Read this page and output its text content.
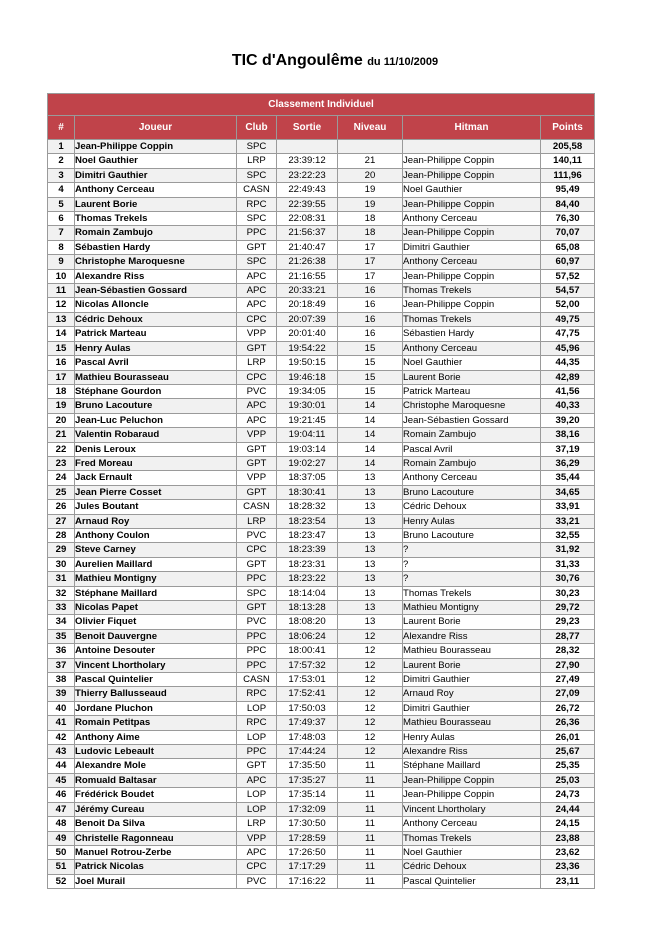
TIC d'Angoulême du 11/10/2009
Classement Individuel						
#	Joueur	Club	Sortie	Niveau	Hitman	Points
1	Jean-Philippe Coppin	SPC				205,58
2	Noel Gauthier	LRP	23:39:12	21	Jean-Philippe Coppin	140,11
3	Dimitri Gauthier	SPC	23:22:23	20	Jean-Philippe Coppin	111,96
4	Anthony Cerceau	CASN	22:49:43	19	Noel Gauthier	95,49
5	Laurent Borie	RPC	22:39:55	19	Jean-Philippe Coppin	84,40
6	Thomas Trekels	SPC	22:08:31	18	Anthony Cerceau	76,30
7	Romain Zambujo	PPC	21:56:37	18	Jean-Philippe Coppin	70,07
8	Sébastien Hardy	GPT	21:40:47	17	Dimitri Gauthier	65,08
9	Christophe Maroquesne	SPC	21:26:38	17	Anthony Cerceau	60,97
10	Alexandre Riss	APC	21:16:55	17	Jean-Philippe Coppin	57,52
11	Jean-Sébastien Gossard	APC	20:33:21	16	Thomas Trekels	54,57
12	Nicolas Alloncle	APC	20:18:49	16	Jean-Philippe Coppin	52,00
13	Cédric Dehoux	CPC	20:07:39	16	Thomas Trekels	49,75
14	Patrick Marteau	VPP	20:01:40	16	Sébastien Hardy	47,75
15	Henry Aulas	GPT	19:54:22	15	Anthony Cerceau	45,96
16	Pascal Avril	LRP	19:50:15	15	Noel Gauthier	44,35
17	Mathieu Bourasseau	CPC	19:46:18	15	Laurent Borie	42,89
18	Stéphane Gourdon	PVC	19:34:05	15	Patrick Marteau	41,56
19	Bruno Lacouture	APC	19:30:01	14	Christophe Maroquesne	40,33
20	Jean-Luc Peluchon	APC	19:21:45	14	Jean-Sébastien Gossard	39,20
21	Valentin Robaraud	VPP	19:04:11	14	Romain Zambujo	38,16
22	Denis Leroux	GPT	19:03:14	14	Pascal Avril	37,19
23	Fred Moreau	GPT	19:02:27	14	Romain Zambujo	36,29
24	Jack Ernault	VPP	18:37:05	13	Anthony Cerceau	35,44
25	Jean Pierre Cosset	GPT	18:30:41	13	Bruno Lacouture	34,65
26	Jules Boutant	CASN	18:28:32	13	Cédric Dehoux	33,91
27	Arnaud Roy	LRP	18:23:54	13	Henry Aulas	33,21
28	Anthony Coulon	PVC	18:23:47	13	Bruno Lacouture	32,55
29	Steve Carney	CPC	18:23:39	13	?	31,92
30	Aurelien Maillard	GPT	18:23:31	13	?	31,33
31	Mathieu Montigny	PPC	18:23:22	13	?	30,76
32	Stéphane Maillard	SPC	18:14:04	13	Thomas Trekels	30,23
33	Nicolas Papet	GPT	18:13:28	13	Mathieu Montigny	29,72
34	Olivier Fiquet	PVC	18:08:20	13	Laurent Borie	29,23
35	Benoit Dauvergne	PPC	18:06:24	12	Alexandre Riss	28,77
36	Antoine Desouter	PPC	18:00:41	12	Mathieu Bourasseau	28,32
37	Vincent Lhortholary	PPC	17:57:32	12	Laurent Borie	27,90
38	Pascal Quintelier	CASN	17:53:01	12	Dimitri Gauthier	27,49
39	Thierry Ballusseaud	RPC	17:52:41	12	Arnaud Roy	27,09
40	Jordane Pluchon	LOP	17:50:03	12	Dimitri Gauthier	26,72
41	Romain Petitpas	RPC	17:49:37	12	Mathieu Bourasseau	26,36
42	Anthony Aime	LOP	17:48:03	12	Henry Aulas	26,01
43	Ludovic Lebeault	PPC	17:44:24	12	Alexandre Riss	25,67
44	Alexandre Mole	GPT	17:35:50	11	Stéphane Maillard	25,35
45	Romuald Baltasar	APC	17:35:27	11	Jean-Philippe Coppin	25,03
46	Frédérick Boudet	LOP	17:35:14	11	Jean-Philippe Coppin	24,73
47	Jérémy Cureau	LOP	17:32:09	11	Vincent Lhortholary	24,44
48	Benoit Da Silva	LRP	17:30:50	11	Anthony Cerceau	24,15
49	Christelle Ragonneau	VPP	17:28:59	11	Thomas Trekels	23,88
50	Manuel Rotrou-Zerbe	APC	17:26:50	11	Noel Gauthier	23,62
51	Patrick Nicolas	CPC	17:17:29	11	Cédric Dehoux	23,36
52	Joel Murail	PVC	17:16:22	11	Pascal Quintelier	23,11
